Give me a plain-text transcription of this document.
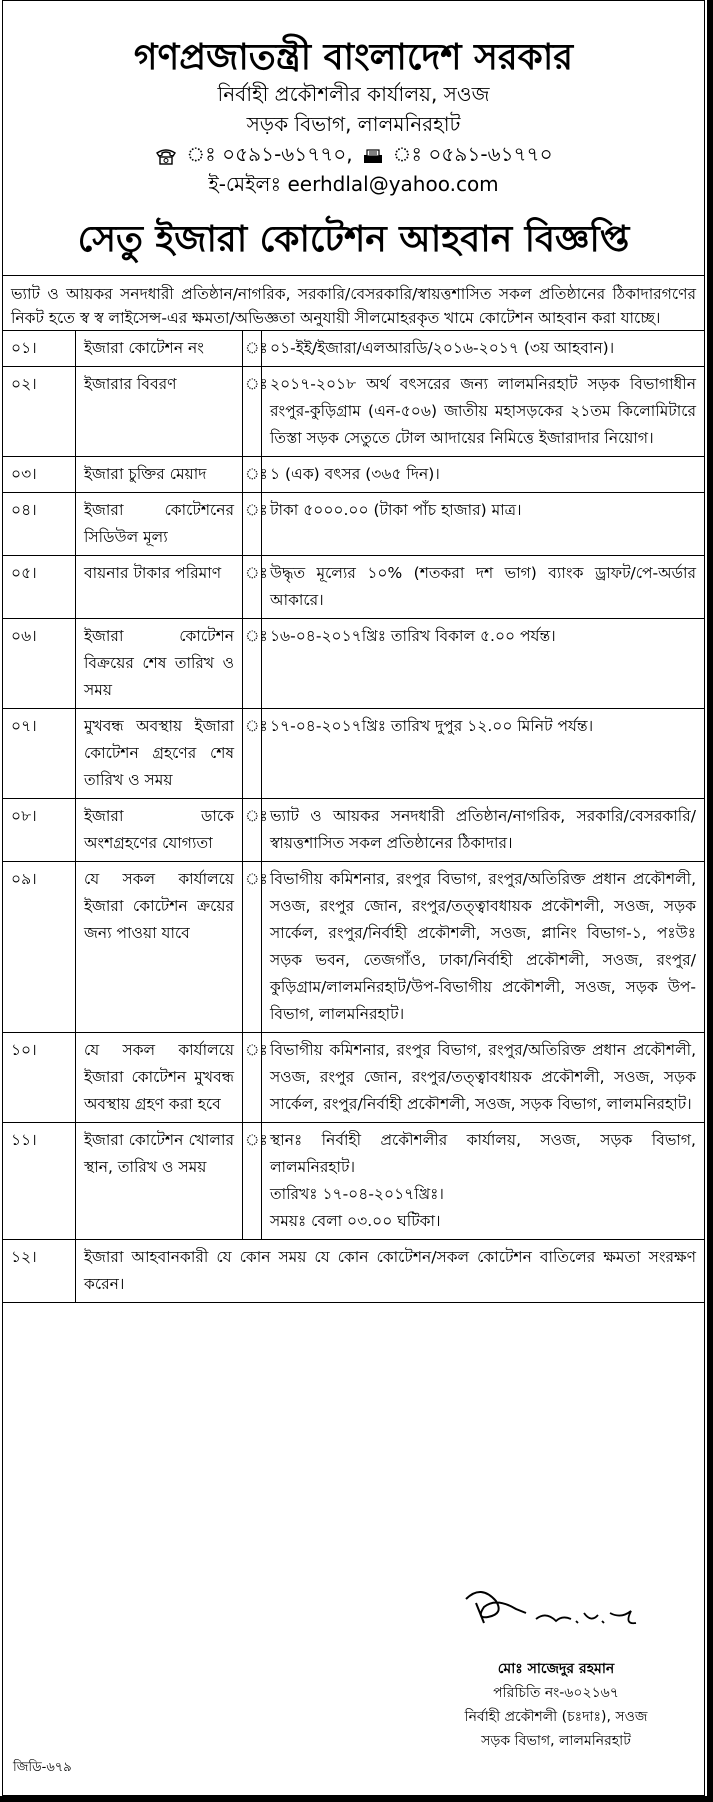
গণপ্রজাতন্ত্রী বাংলাদেশ সরকার
নির্বাহী প্রকৌশলীর কার্যালয়, সওজ
সড়ক বিভাগ, লালমনিরহাট
ঃ ০৫৯১-৬১৭৭০, ঃ ০৫৯১-৬১৭৭০
ই-মেইলঃ eerhdlal@yahoo.com
সেতু ইজারা কোটেশন আহবান বিজ্ঞপ্তি
ভ্যাট ও আয়কর সনদধারী প্রতিষ্ঠান/নাগরিক, সরকারি/বেসরকারি/স্বায়ত্তশাসিত সকল প্রতিষ্ঠানের ঠিকাদারগণের নিকট হতে স্ব স্ব লাইসেন্স-এর ক্ষমতা/অভিজ্ঞতা অনুযায়ী সীলমোহরকৃত খামে কোটেশন আহবান করা যাচ্ছে।
০১।	ইজারা কোটেশন নং	ঃ	০১-ইই/ইজারা/এলআরডি/২০১৬-২০১৭ (৩য় আহবান)।
০২।	ইজারার বিবরণ	ঃ	২০১৭-২০১৮ অর্থ বৎসরের জন্য লালমনিরহাট সড়ক বিভাগাধীন রংপুর-কুড়িগ্রাম (এন-৫০৬) জাতীয় মহাসড়কের ২১তম কিলোমিটারে তিস্তা সড়ক সেতুতে টোল আদায়ের নিমিত্তে ইজারাদার নিয়োগ।
০৩।	ইজারা চুক্তির মেয়াদ	ঃ	১ (এক) বৎসর (৩৬৫ দিন)।
০৪।	ইজারা কোটেশনের সিডিউল মূল্য	ঃ	টাকা ৫০০০.০০ (টাকা পাঁচ হাজার) মাত্র।
০৫।	বায়নার টাকার পরিমাণ	ঃ	উদ্ধৃত মূল্যের ১০% (শতকরা দশ ভাগ) ব্যাংক ড্রাফট/পে-অর্ডার আকারে।
০৬।	ইজারা কোটেশন বিক্রয়ের শেষ তারিখ ও সময়	ঃ	১৬-০৪-২০১৭খ্রিঃ তারিখ বিকাল ৫.০০ পর্যন্ত।
০৭।	মুখবন্ধ অবস্থায় ইজারা কোটেশন গ্রহণের শেষ তারিখ ও সময়	ঃ	১৭-০৪-২০১৭খ্রিঃ তারিখ দুপুর ১২.০০ মিনিট পর্যন্ত।
০৮।	ইজারা ডাকে অংশগ্রহণের যোগ্যতা	ঃ	ভ্যাট ও আয়কর সনদধারী প্রতিষ্ঠান/নাগরিক, সরকারি/বেসরকারি/স্বায়ত্তশাসিত সকল প্রতিষ্ঠানের ঠিকাদার।
০৯।	যে সকল কার্যালয়ে ইজারা কোটেশন ক্রয়ের জন্য পাওয়া যাবে	ঃ	বিভাগীয় কমিশনার, রংপুর বিভাগ, রংপুর/অতিরিক্ত প্রধান প্রকৌশলী, সওজ, রংপুর জোন, রংপুর/তত্ত্বাবধায়ক প্রকৌশলী, সওজ, সড়ক সার্কেল, রংপুর/নির্বাহী প্রকৌশলী, সওজ, প্লানিং বিভাগ-১, পঃউঃ সড়ক ভবন, তেজগাঁও, ঢাকা/নির্বাহী প্রকৌশলী, সওজ, রংপুর/কুড়িগ্রাম/লালমনিরহাট/উপ-বিভাগীয় প্রকৌশলী, সওজ, সড়ক উপ-বিভাগ, লালমনিরহাট।
১০।	যে সকল কার্যালয়ে ইজারা কোটেশন মুখবন্ধ অবস্থায় গ্রহণ করা হবে	ঃ	বিভাগীয় কমিশনার, রংপুর বিভাগ, রংপুর/অতিরিক্ত প্রধান প্রকৌশলী, সওজ, রংপুর জোন, রংপুর/তত্ত্বাবধায়ক প্রকৌশলী, সওজ, সড়ক সার্কেল, রংপুর/নির্বাহী প্রকৌশলী, সওজ, সড়ক বিভাগ, লালমনিরহাট।
১১।	ইজারা কোটেশন খোলার স্থান, তারিখ ও সময়	ঃ	স্থানঃ নির্বাহী প্রকৌশলীর কার্যালয়, সওজ, সড়ক বিভাগ, লালমনিরহাট।
তারিখঃ ১৭-০৪-২০১৭খ্রিঃ।
সময়ঃ বেলা ০৩.০০ ঘটিকা।

১২।	ইজারা আহবানকারী যে কোন সময় যে কোন কোটেশন/সকল কোটেশন বাতিলের ক্ষমতা সংরক্ষণ করেন।		
মোঃ সাজেদুর রহমান
পরিচিতি নং-৬০২১৬৭
নির্বাহী প্রকৌশলী (চঃদাঃ), সওজ
সড়ক বিভাগ, লালমনিরহাট
জিডি-৬৭৯
